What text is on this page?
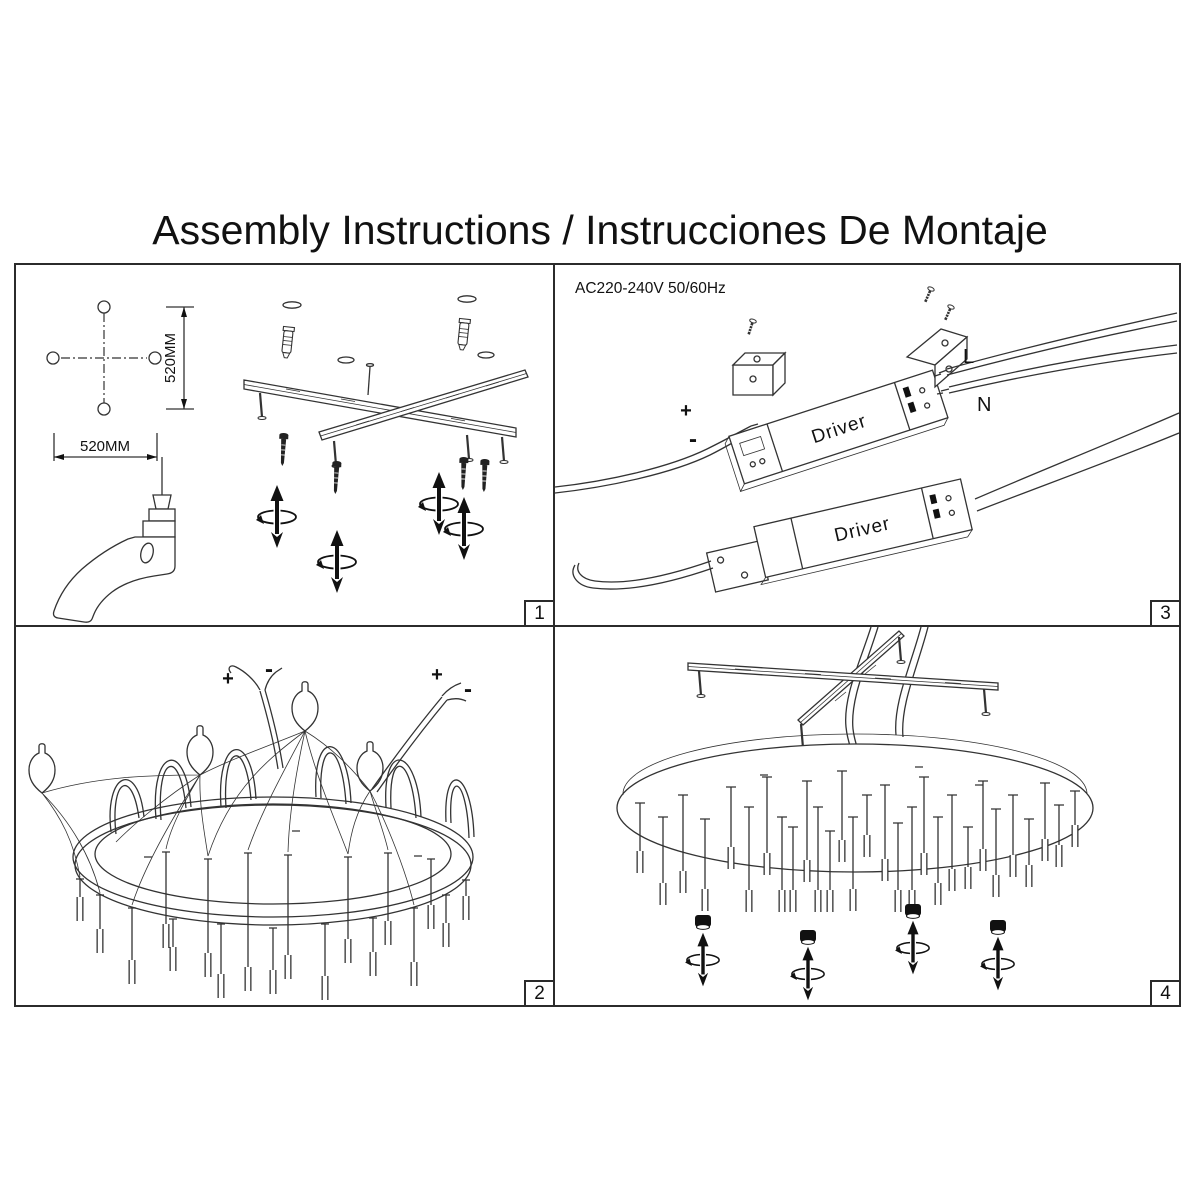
Assembly Instructions / Instrucciones De Montaje
520MM
520MM
1
AC220-240V 50/60Hz
+
-	Driver
L
N
Driver
3
+ -	+
-
2	4
